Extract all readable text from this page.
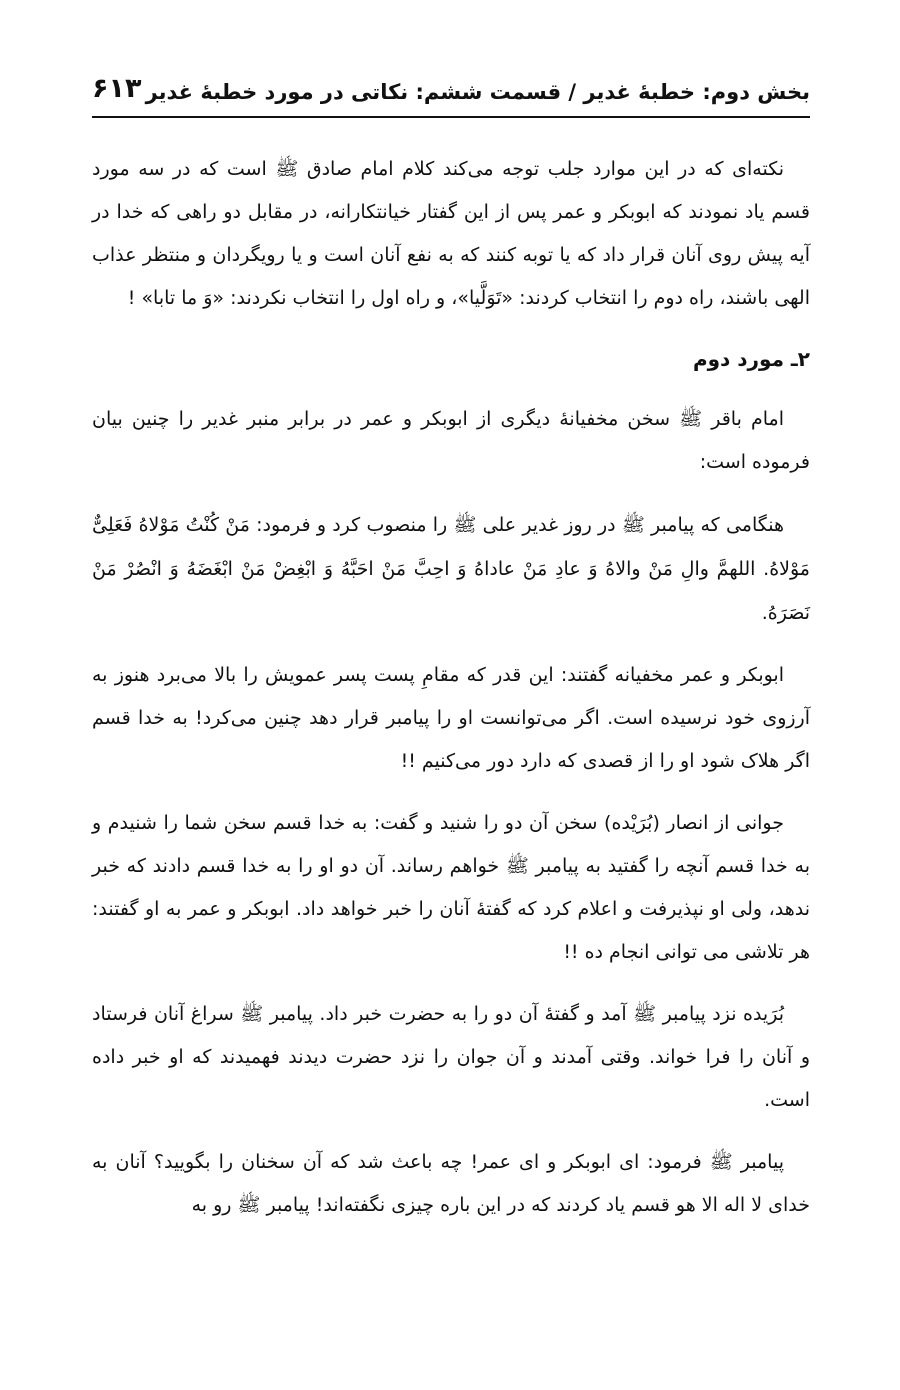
بخش دوم: خطبهٔ غدیر / قسمت ششم: نکاتی در مورد خطبهٔ غدیر
۶۱۳

نکته‌ای که در این موارد جلب توجه می‌کند کلام امام صادق ﷺ است که در سه مورد قسم یاد نمودند که ابوبکر و عمر پس از این گفتار خیانتکارانه، در مقابل دو راهی که خدا در آیه پیش روی آنان قرار داد که یا توبه کنند که به نفع آنان است و یا رویگردان و منتظر عذاب الهی باشند، راه دوم را انتخاب کردند: «تَوَلَّیا»، و راه اول را انتخاب نکردند: «وَ ما تابا» !

۲ـ مورد دوم

امام باقر ﷺ سخن مخفیانهٔ دیگری از ابوبکر و عمر در برابر منبر غدیر را چنین بیان فرموده است:

هنگامی که پیامبر ﷺ در روز غدیر علی ﷺ را منصوب کرد و فرمود: مَنْ کُنْتُ مَوْلاهُ فَعَلِیٌّ مَوْلاهُ. اللهمَّ والِ مَنْ والاهُ وَ عادِ مَنْ عاداهُ وَ احِبَّ مَنْ احَبَّهُ وَ ابْغِضْ مَنْ ابْغَضَهُ وَ انْصُرْ مَنْ نَصَرَهُ.

ابوبکر و عمر مخفیانه گفتند: این قدر که مقامِ پست پسر عمویش را بالا می‌برد هنوز به آرزوی خود نرسیده است. اگر می‌توانست او را پیامبر قرار دهد چنین می‌کرد! به خدا قسم اگر هلاک شود او را از قصدی که دارد دور می‌کنیم !!

جوانی از انصار (بُرَیْده) سخن آن دو را شنید و گفت: به خدا قسم سخن شما را شنیدم و به خدا قسم آنچه را گفتید به پیامبر ﷺ خواهم رساند. آن دو او را به خدا قسم دادند که خبر ندهد، ولی او نپذیرفت و اعلام کرد که گفتهٔ آنان را خبر خواهد داد. ابوبکر و عمر به او گفتند: هر تلاشی می توانی انجام ده !!

بُرَیده نزد پیامبر ﷺ آمد و گفتهٔ آن دو را به حضرت خبر داد. پیامبر ﷺ سراغ آنان فرستاد و آنان را فرا خواند. وقتی آمدند و آن جوان را نزد حضرت دیدند فهمیدند که او خبر داده است.

پیامبر ﷺ فرمود: ای ابوبکر و ای عمر! چه باعث شد که آن سخنان را بگویید؟ آنان به خدای لا اله الا هو قسم یاد کردند که در این باره چیزی نگفته‌اند! پیامبر ﷺ رو به
